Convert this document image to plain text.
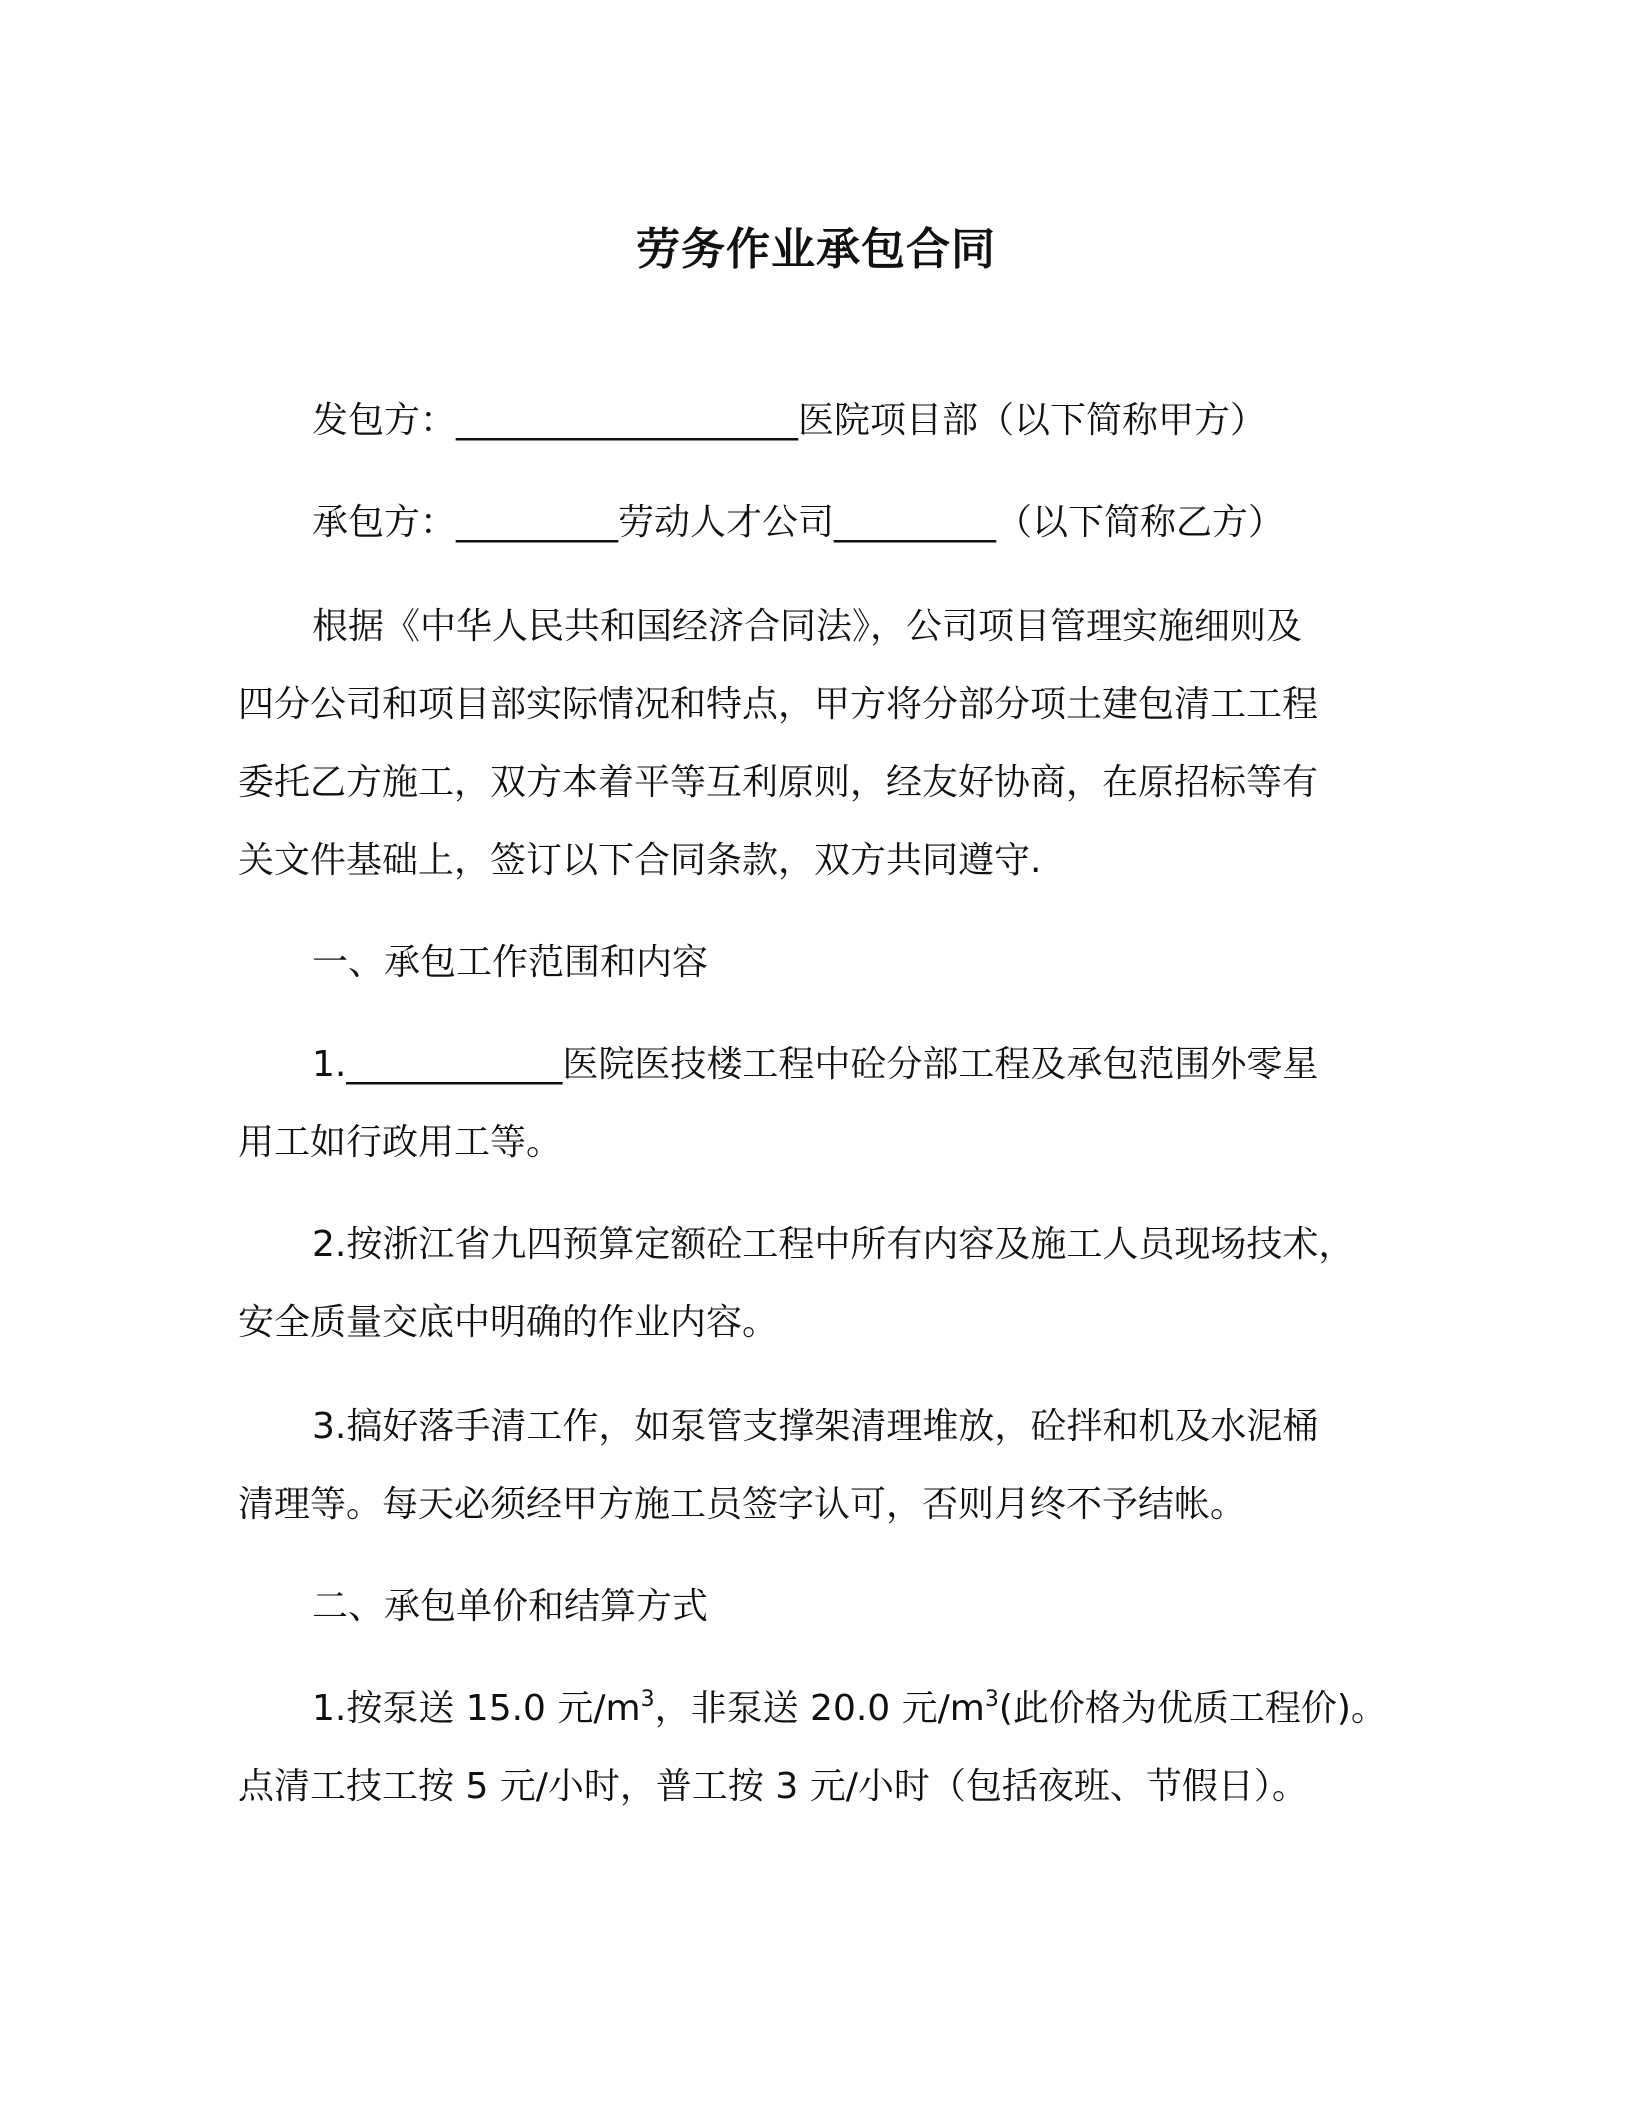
劳务作业承包合同
发包方：___________________医院项目部（以下简称甲方）
承包方：_________劳动人才公司_________（以下简称乙方）
根据《中华人民共和国经济合同法》，公司项目管理实施细则及
四分公司和项目部实际情况和特点，甲方将分部分项土建包清工工程
委托乙方施工，双方本着平等互利原则，经友好协商，在原招标等有
关文件基础上，签订以下合同条款，双方共同遵守.
一、承包工作范围和内容
1.____________医院医技楼工程中砼分部工程及承包范围外零星
用工如行政用工等。
2.按浙江省九四预算定额砼工程中所有内容及施工人员现场技术，
安全质量交底中明确的作业内容。
3.搞好落手清工作，如泵管支撑架清理堆放，砼拌和机及水泥桶
清理等。每天必须经甲方施工员签字认可，否则月终不予结帐。
二、承包单价和结算方式
1.按泵送 15.0 元$/m^3$，非泵送 20.0 元$/m^3$(此价格为优质工程价)。
点清工技工按 5 元/小时，普工按 3 元/小时（包括夜班、节假日）。
